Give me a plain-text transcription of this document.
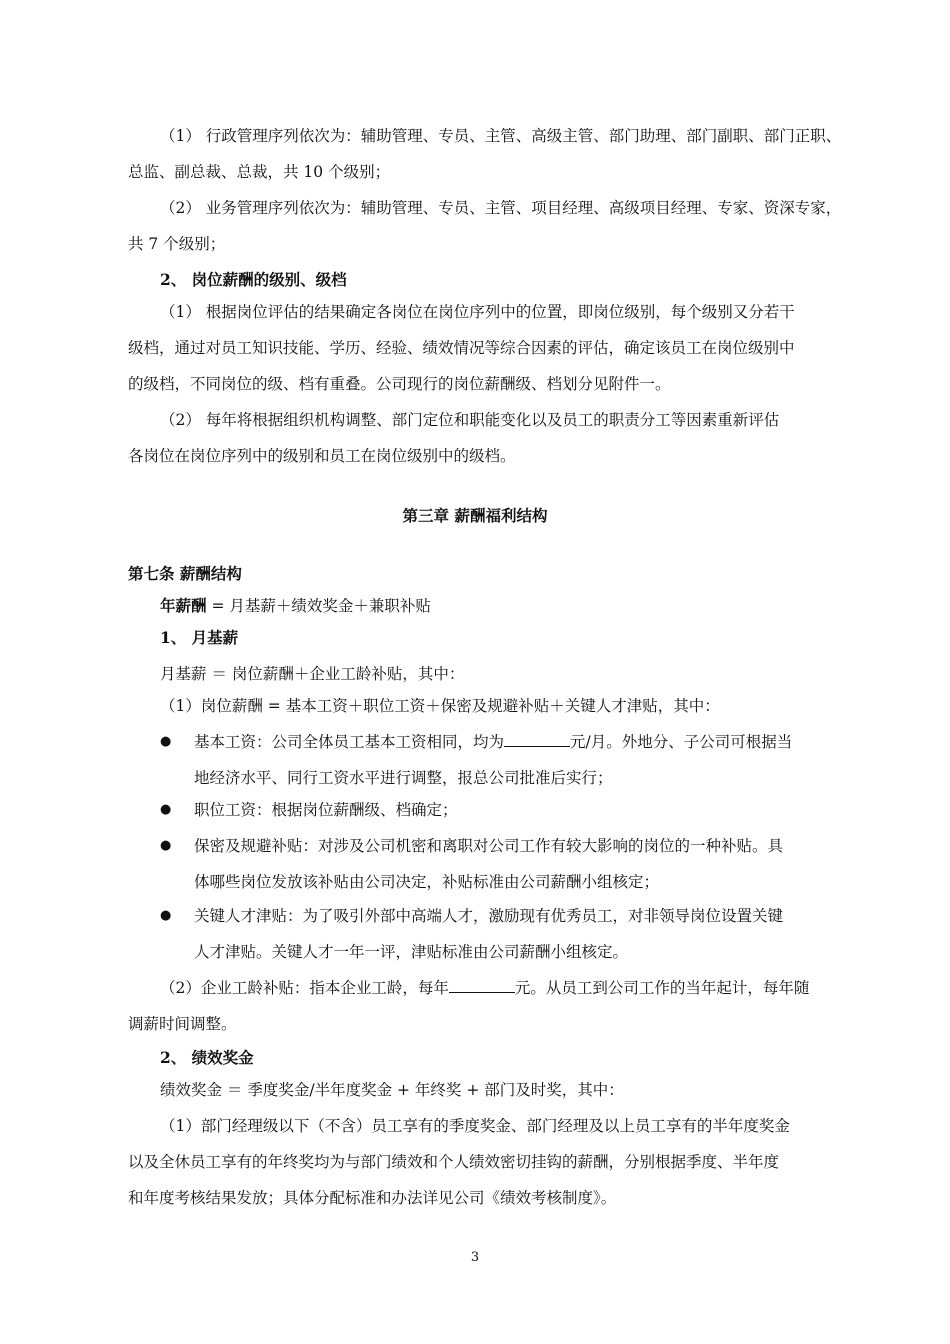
（1） 行政管理序列依次为：辅助管理、专员、主管、高级主管、部门助理、部门副职、部门正职、
总监、副总裁、总裁，共 10 个级别；
（2） 业务管理序列依次为：辅助管理、专员、主管、项目经理、高级项目经理、专家、资深专家，
共 7 个级别；
2、 岗位薪酬的级别、级档
（1） 根据岗位评估的结果确定各岗位在岗位序列中的位置，即岗位级别，每个级别又分若干
级档，通过对员工知识技能、学历、经验、绩效情况等综合因素的评估，确定该员工在岗位级别中
的级档，不同岗位的级、档有重叠。公司现行的岗位薪酬级、档划分见附件一。
（2） 每年将根据组织机构调整、部门定位和职能变化以及员工的职责分工等因素重新评估
各岗位在岗位序列中的级别和员工在岗位级别中的级档。
第三章 薪酬福利结构
第七条 薪酬结构
年薪酬 = 月基薪＋绩效奖金＋兼职补贴
1、 月基薪
月基薪 ＝ 岗位薪酬＋企业工龄补贴，其中：
（1）岗位薪酬 = 基本工资＋职位工资＋保密及规避补贴＋关键人才津贴，其中：
● 基本工资：公司全体员工基本工资相同，均为	元/月。外地分、子公司可根据当
地经济水平、同行工资水平进行调整，报总公司批准后实行；
● 职位工资：根据岗位薪酬级、档确定；
● 保密及规避补贴：对涉及公司机密和离职对公司工作有较大影响的岗位的一种补贴。具
体哪些岗位发放该补贴由公司决定，补贴标准由公司薪酬小组核定；
● 关键人才津贴：为了吸引外部中高端人才，激励现有优秀员工，对非领导岗位设置关键
人才津贴。关键人才一年一评，津贴标准由公司薪酬小组核定。
（2）企业工龄补贴：指本企业工龄，每年	元。从员工到公司工作的当年起计，每年随
调薪时间调整。
2、 绩效奖金
绩效奖金 ＝ 季度奖金/半年度奖金 + 年终奖 + 部门及时奖，其中：
（1）部门经理级以下（不含）员工享有的季度奖金、部门经理及以上员工享有的半年度奖金
以及全休员工享有的年终奖均为与部门绩效和个人绩效密切挂钩的薪酬，分别根据季度、半年度
和年度考核结果发放；具体分配标准和办法详见公司《绩效考核制度》。
3
